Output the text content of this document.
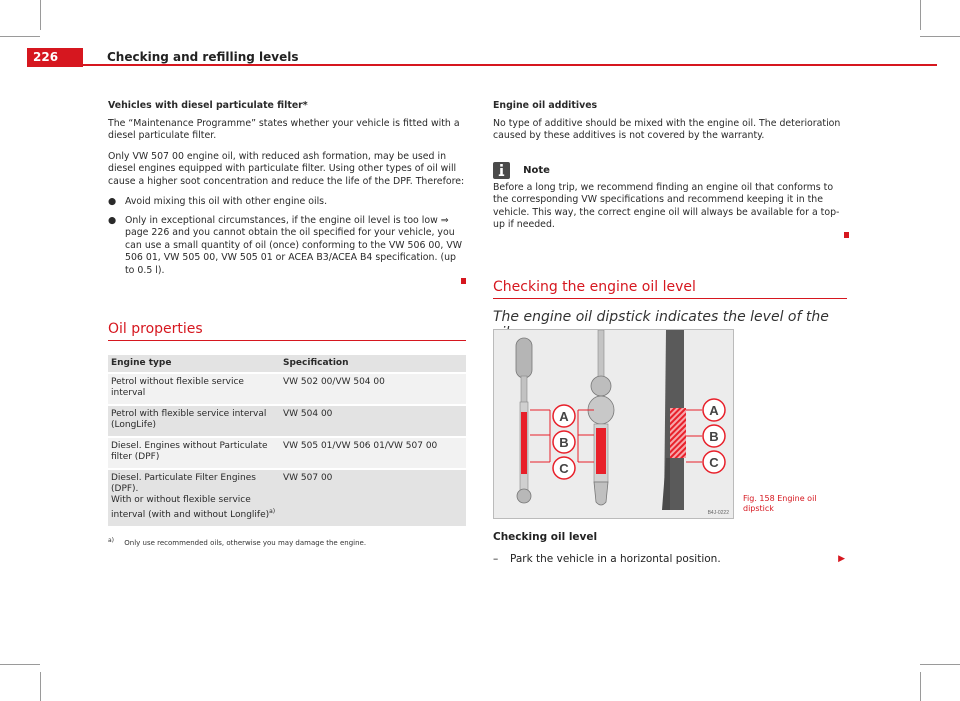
226	Checking and refilling levels
Vehicles with diesel particulate filter*
The “Maintenance Programme” states whether your vehicle is fitted with a diesel particulate filter.
Only VW 507 00 engine oil, with reduced ash formation, may be used in diesel engines equipped with particulate filter. Using other types of oil will cause a higher soot concentration and reduce the life of the DPF. Therefore:
● Avoid mixing this oil with other engine oils.
● Only in exceptional circumstances, if the engine oil level is too low ⇒ page 226 and you cannot obtain the oil specified for your vehicle, you can use a small quantity of oil (once) conforming to the VW 506 00, VW 506 01, VW 505 00, VW 505 01 or ACEA B3/ACEA B4 specification. (up to 0.5 l).
Oil properties
Engine type	Specification
Petrol without flexible service interval	VW 502 00/VW 504 00
Petrol with flexible service interval (LongLife)	VW 504 00
Diesel. Engines without Particulate filter (DPF)	VW 505 01/VW 506 01/VW 507 00
Diesel. Particulate Filter Engines (DPF).
With or without flexible service interval (with and without Longlife)$^{a)}$	VW 507 00
$^{a)}$ Only use recommended oils, otherwise you may damage the engine.
Engine oil additives
No type of additive should be mixed with the engine oil. The deterioration caused by these additives is not covered by the warranty.
Note
Before a long trip, we recommend finding an engine oil that conforms to the corresponding VW specifications and recommend keeping it in the vehicle. This way, the correct engine oil will always be available for a top-up if needed.
Checking the engine oil level
The engine oil dipstick indicates the level of the
A
B
C
A
B
C
B4J-0222
Fig. 158 Engine oil dipstick
Checking oil level
– Park the vehicle in a horizontal position.	▶
